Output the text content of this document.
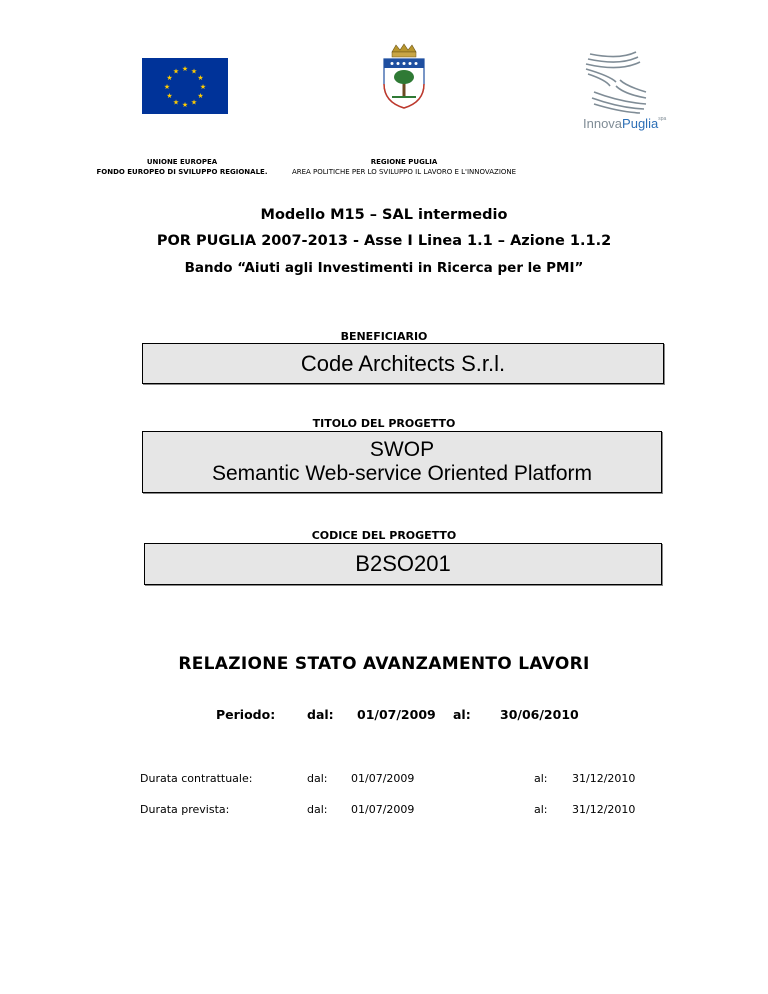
★ ★
★
★
★
★
★
★
★
★
★
★
InnovaPuglia$^{spa}$
UNIONE EUROPEA
FONDO EUROPEO DI SVILUPPO REGIONALE.
REGIONE PUGLIA
AREA POLITICHE PER LO SVILUPPO IL LAVORO E L'INNOVAZIONE
Modello M15 – SAL intermedio
POR PUGLIA 2007-2013 - Asse I Linea 1.1 – Azione 1.1.2
Bando “Aiuti agli Investimenti in Ricerca per le PMI”
BENEFICIARIO
Code Architects S.r.l.
TITOLO DEL PROGETTO
SWOP
Semantic Web-service Oriented Platform
CODICE DEL PROGETTO
B2SO201
RELAZIONE STATO AVANZAMENTO LAVORI
Periodo:	dal: 01/07/2009 al: 30/06/2010
Durata contrattuale:	dal: 01/07/2009	al: 31/12/2010
Durata prevista:	dal: 01/07/2009	al: 31/12/2010
